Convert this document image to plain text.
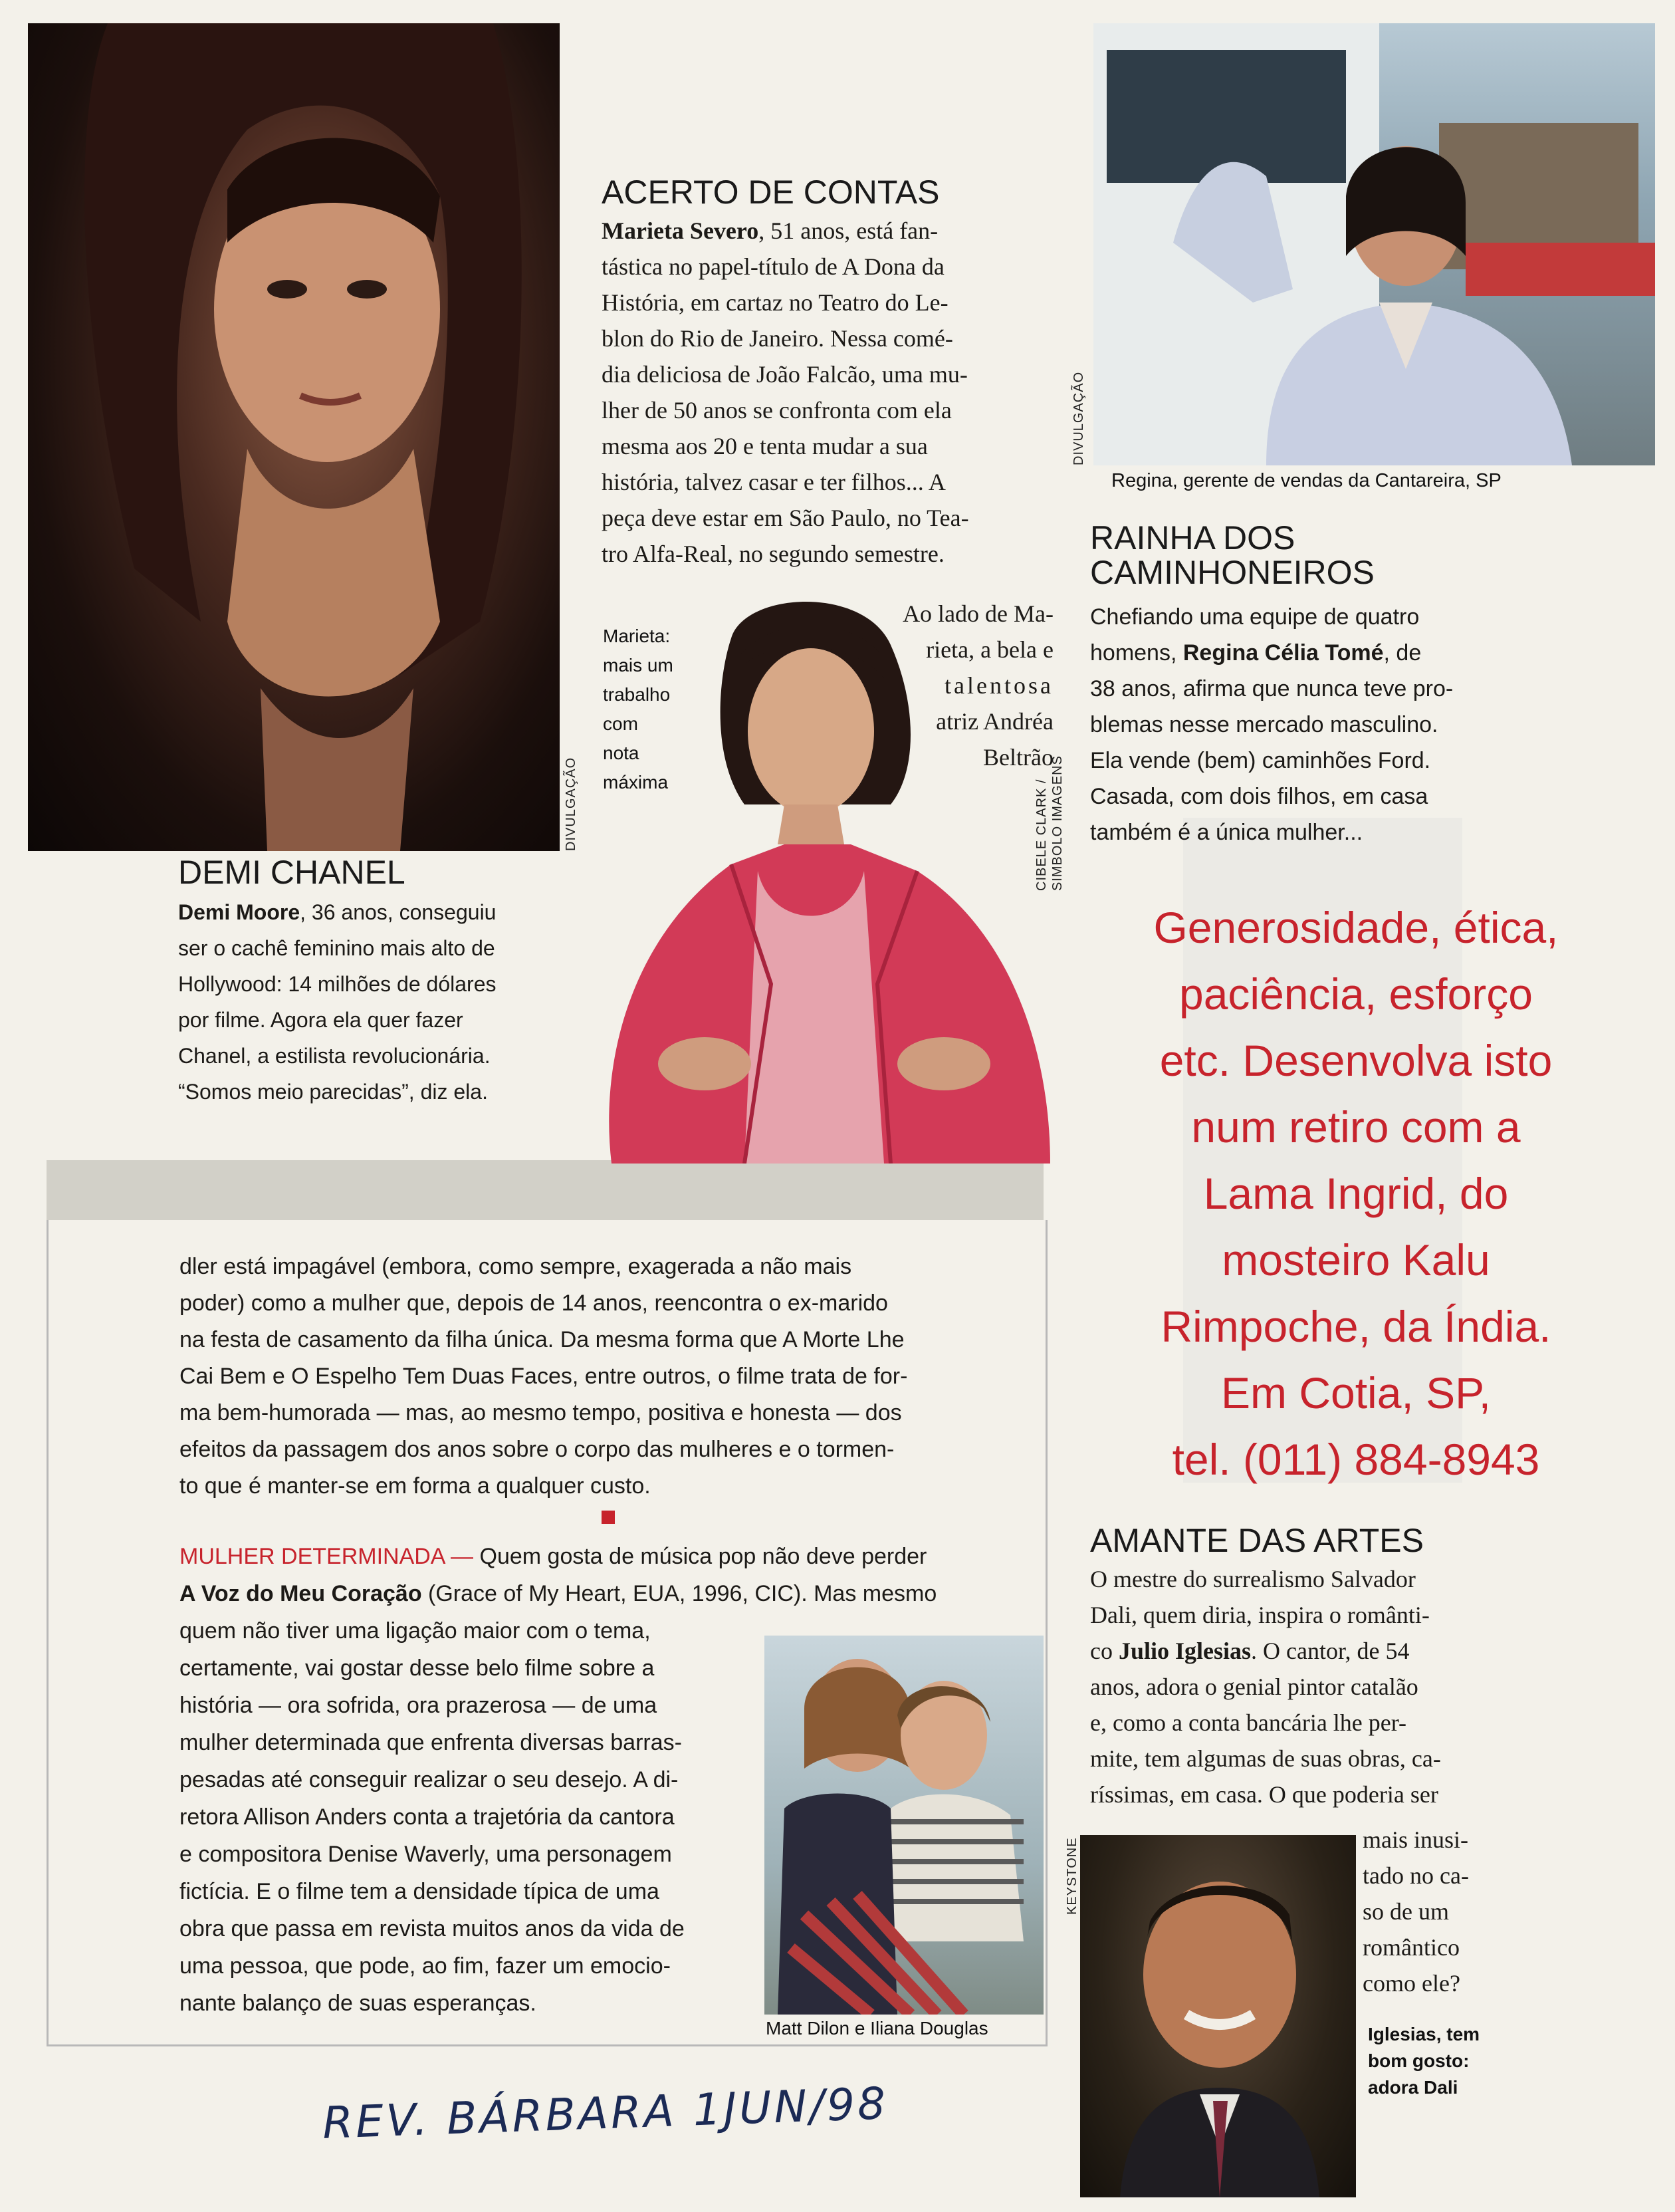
DIVULGAÇÃO
DEMI CHANEL
Demi Moore, 36 anos, conseguiu
ser o cachê feminino mais alto de
Hollywood: 14 milhões de dólares
por filme. Agora ela quer fazer
Chanel, a estilista revolucionária.
“Somos meio parecidas”, diz ela.
ACERTO DE CONTAS
Marieta Severo, 51 anos, está fan-
tástica no papel-título de A Dona da
História, em cartaz no Teatro do Le-
blon do Rio de Janeiro. Nessa comé-
dia deliciosa de João Falcão, uma mu-
lher de 50 anos se confronta com ela
mesma aos 20 e tenta mudar a sua
história, talvez casar e ter filhos... A
peça deve estar em São Paulo, no Tea-
tro Alfa-Real, no segundo semestre.
Ao lado de Ma-
rieta, a bela e
talentosa
atriz Andréa
Beltrão
Marieta:
mais um
trabalho
com
nota
máxima	CIBELE CLARK / SIMBOLO IMAGENS
DIVULGAÇÃO
Regina, gerente de vendas da Cantareira, SP
RAINHA DOS
CAMINHONEIROS
Chefiando uma equipe de quatro
homens, Regina Célia Tomé, de
38 anos, afirma que nunca teve pro-
blemas nesse mercado masculino.
Ela vende (bem) caminhões Ford.
Casada, com dois filhos, em casa
também é a única mulher...
Generosidade, ética,
paciência, esforço
etc. Desenvolva isto
num retiro com a
Lama Ingrid, do
mosteiro Kalu
Rimpoche, da Índia.
Em Cotia, SP,
tel. (011) 884-8943
dler está impagável (embora, como sempre, exagerada a não mais
poder) como a mulher que, depois de 14 anos, reencontra o ex-marido
na festa de casamento da filha única. Da mesma forma que A Morte Lhe
Cai Bem e O Espelho Tem Duas Faces, entre outros, o filme trata de for-
ma bem-humorada — mas, ao mesmo tempo, positiva e honesta — dos
efeitos da passagem dos anos sobre o corpo das mulheres e o tormen-
to que é manter-se em forma a qualquer custo.
MULHER DETERMINADA — Quem gosta de música pop não deve perder
A Voz do Meu Coração (Grace of My Heart, EUA, 1996, CIC). Mas mesmo
quem não tiver uma ligação maior com o tema,
certamente, vai gostar desse belo filme sobre a
história — ora sofrida, ora prazerosa — de uma
mulher determinada que enfrenta diversas barras-
pesadas até conseguir realizar o seu desejo. A di-
retora Allison Anders conta a trajetória da cantora
e compositora Denise Waverly, uma personagem
fictícia. E o filme tem a densidade típica de uma
obra que passa em revista muitos anos da vida de
uma pessoa, que pode, ao fim, fazer um emocio-
nante balanço de suas esperanças.
Matt Dilon e Iliana Douglas
AMANTE DAS ARTES
O mestre do surrealismo Salvador
Dali, quem diria, inspira o românti-
co Julio Iglesias. O cantor, de 54
anos, adora o genial pintor catalão
e, como a conta bancária lhe per-
mite, tem algumas de suas obras, ca-
ríssimas, em casa. O que poderia ser
mais inusi-
tado no ca-
so de um
romântico
como ele?
KEYSTONE
Iglesias, tem
bom gosto:
adora Dali
REV. BÁRBARA 1JUN/98
